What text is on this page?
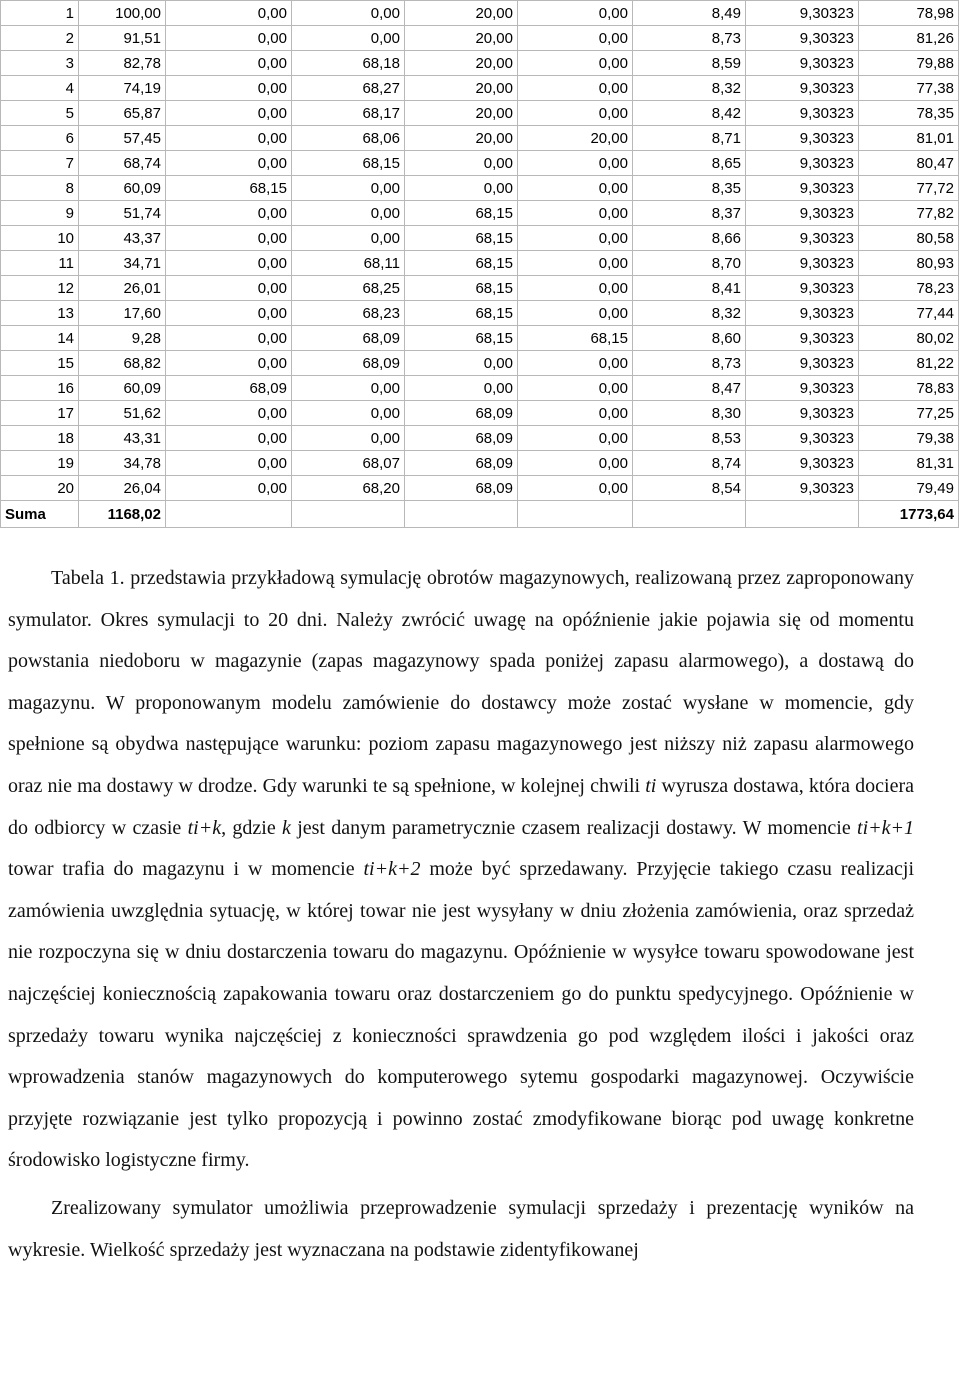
1	100,00	0,00	0,00	20,00	0,00	8,49	9,30323	78,98
2	91,51	0,00	0,00	20,00	0,00	8,73	9,30323	81,26
3	82,78	0,00	68,18	20,00	0,00	8,59	9,30323	79,88
4	74,19	0,00	68,27	20,00	0,00	8,32	9,30323	77,38
5	65,87	0,00	68,17	20,00	0,00	8,42	9,30323	78,35
6	57,45	0,00	68,06	20,00	20,00	8,71	9,30323	81,01
7	68,74	0,00	68,15	0,00	0,00	8,65	9,30323	80,47
8	60,09	68,15	0,00	0,00	0,00	8,35	9,30323	77,72
9	51,74	0,00	0,00	68,15	0,00	8,37	9,30323	77,82
10	43,37	0,00	0,00	68,15	0,00	8,66	9,30323	80,58
11	34,71	0,00	68,11	68,15	0,00	8,70	9,30323	80,93
12	26,01	0,00	68,25	68,15	0,00	8,41	9,30323	78,23
13	17,60	0,00	68,23	68,15	0,00	8,32	9,30323	77,44
14	9,28	0,00	68,09	68,15	68,15	8,60	9,30323	80,02
15	68,82	0,00	68,09	0,00	0,00	8,73	9,30323	81,22
16	60,09	68,09	0,00	0,00	0,00	8,47	9,30323	78,83
17	51,62	0,00	0,00	68,09	0,00	8,30	9,30323	77,25
18	43,31	0,00	0,00	68,09	0,00	8,53	9,30323	79,38
19	34,78	0,00	68,07	68,09	0,00	8,74	9,30323	81,31
20	26,04	0,00	68,20	68,09	0,00	8,54	9,30323	79,49
Suma	1168,02							1773,64

Tabela 1. przedstawia przykładową symulację obrotów magazynowych, realizowaną przez zaproponowany symulator. Okres symulacji to 20 dni. Należy zwrócić uwagę na opóźnienie jakie pojawia się od momentu powstania niedoboru w magazynie (zapas magazynowy spada poniżej zapasu alarmowego), a dostawą do magazynu. W proponowanym modelu zamówienie do dostawcy może zostać wysłane w momencie, gdy spełnione są obydwa następujące warunku: poziom zapasu magazynowego jest niższy niż zapasu alarmowego oraz nie ma dostawy w drodze. Gdy warunki te są spełnione, w kolejnej chwili ti wyrusza dostawa, która dociera do odbiorcy w czasie ti+k, gdzie k jest danym parametrycznie czasem realizacji dostawy. W momencie ti+k+1 towar trafia do magazynu i w momencie ti+k+2 może być sprzedawany. Przyjęcie takiego czasu realizacji zamówienia uwzględnia sytuację, w której towar nie jest wysyłany w dniu złożenia zamówienia, oraz sprzedaż nie rozpoczyna się w dniu dostarczenia towaru do magazynu. Opóźnienie w wysyłce towaru spowodowane jest najczęściej koniecznością zapakowania towaru oraz dostarczeniem go do punktu spedycyjnego. Opóźnienie w sprzedaży towaru wynika najczęściej z konieczności sprawdzenia go pod względem ilości i jakości oraz wprowadzenia stanów magazynowych do komputerowego sytemu gospodarki magazynowej. Oczywiście przyjęte rozwiązanie jest tylko propozycją i powinno zostać zmodyfikowane biorąc pod uwagę konkretne środowisko logistyczne firmy.

Zrealizowany symulator umożliwia przeprowadzenie symulacji sprzedaży i prezentację wyników na wykresie. Wielkość sprzedaży jest wyznaczana na podstawie zidentyfikowanej
